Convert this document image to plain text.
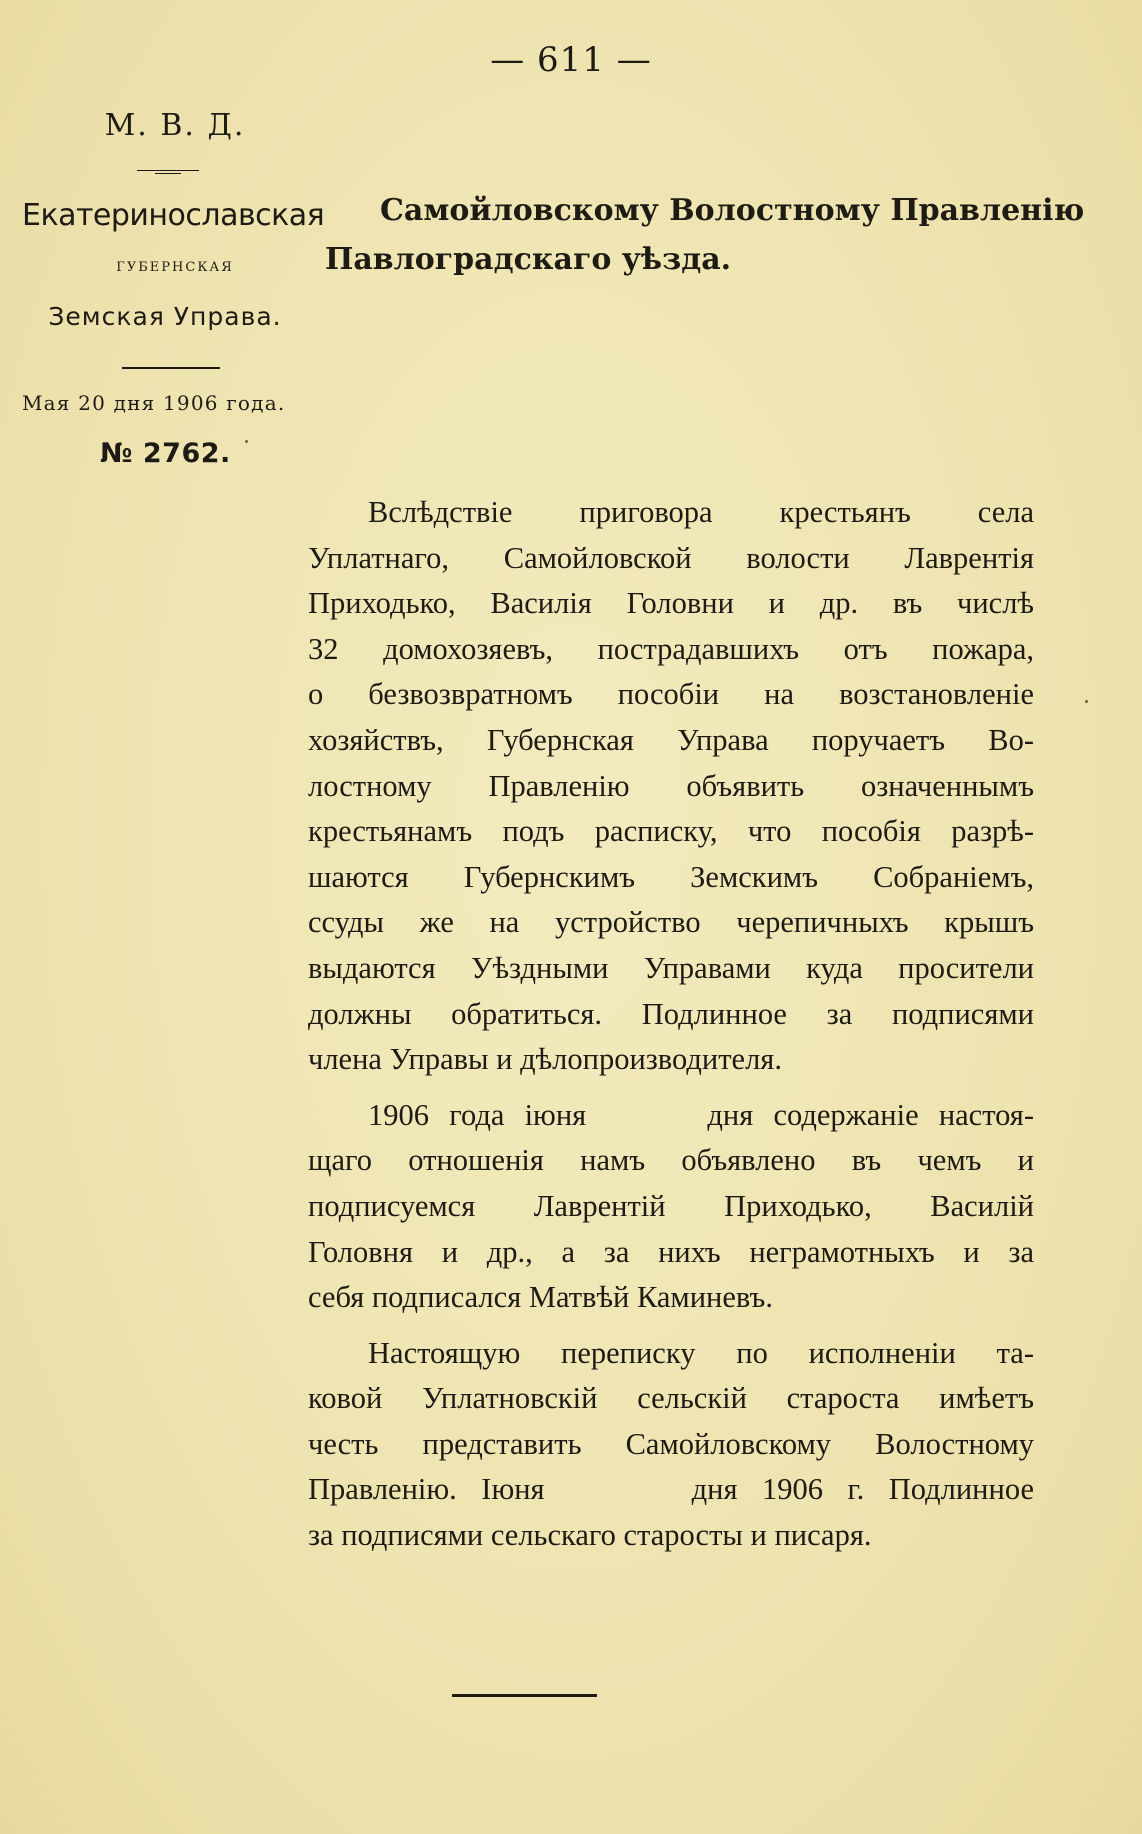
— 611 —
М. В. Д.
Екатеринославская
ГУБЕРНСКАЯ
Земская Управа.
Мая 20 дня 1906 года.
№ 2762.
Самойловскому Волостному Правленію
Павлоградскаго уѣзда.
Вслѣдствіе приговора крестьянъ села
Уплатнаго, Самойловской волости Лаврентія
Приходько, Василія Головни и др. въ числѣ
32 домохозяевъ, пострадавшихъ отъ пожара,
о безвозвратномъ пособіи на возстановленіе
хозяйствъ, Губернская Управа поручаетъ Во-
лостному Правленію объявить означеннымъ
крестьянамъ подъ расписку, что пособія разрѣ-
шаются Губернскимъ Земскимъ Собраніемъ,
ссуды же на устройство черепичныхъ крышъ
выдаются Уѣздными Управами куда просители
должны обратиться. Подлинное за подписями
члена Управы и дѣлопроизводителя.
1906 года іюня      дня содержаніе настоя-
щаго отношенія намъ объявлено въ чемъ и
подписуемся Лаврентій Приходько, Василій
Головня и др., а за нихъ неграмотныхъ и за
себя подписался Матвѣй Каминевъ.
Настоящую переписку по исполненіи та-
ковой Уплатновскій сельскій староста имѣетъ
честь представить Самойловскому Волостному
Правленію. Іюня      дня 1906 г. Подлинное
за подписями сельскаго старосты и писаря.
